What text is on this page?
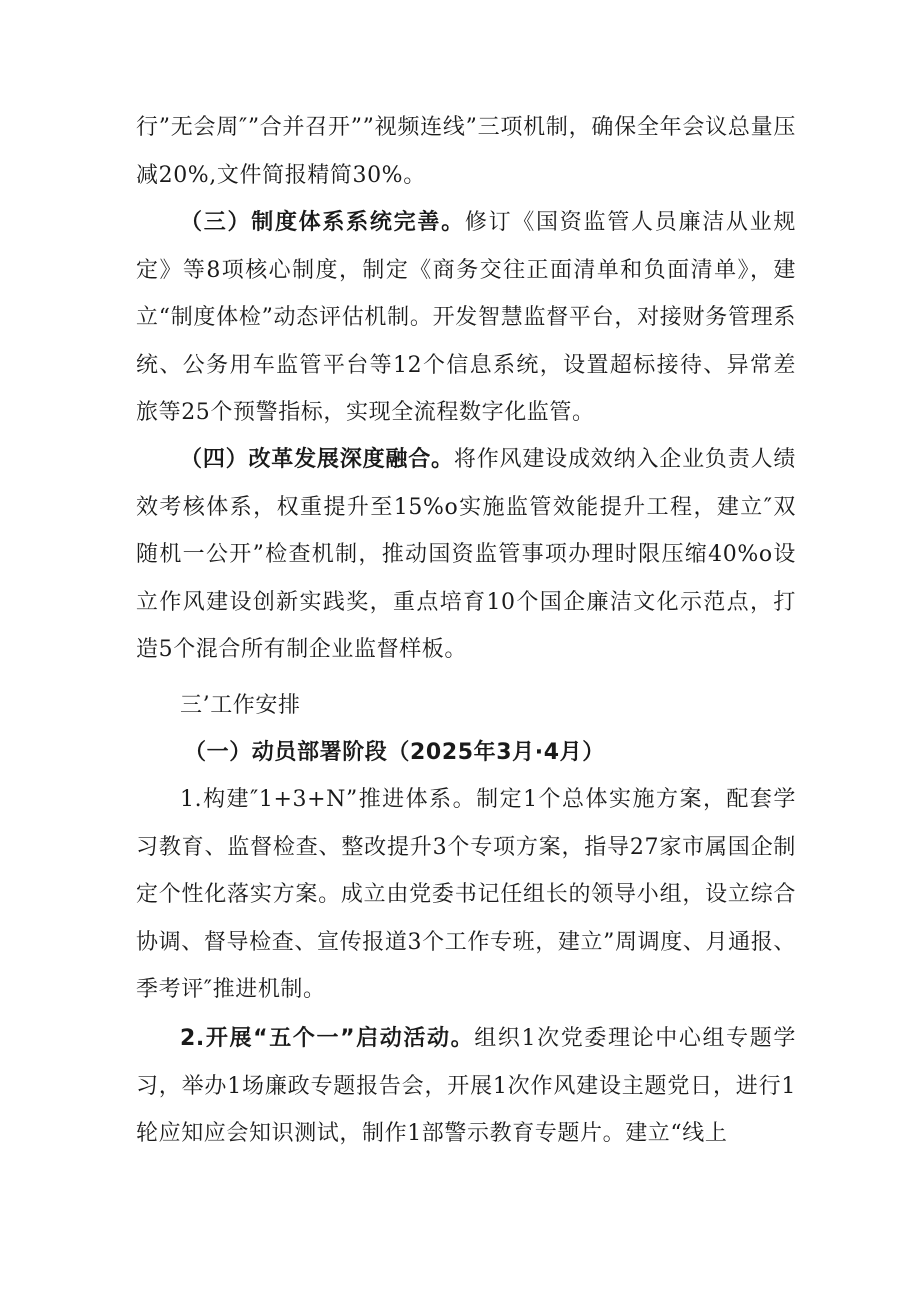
行”无会周″”合并召开””视频连线”三项机制，确保全年会议总量压减20%,文件简报精简30%。

（三）制度体系系统完善。修订《国资监管人员廉洁从业规定》等8项核心制度，制定《商务交往正面清单和负面清单》，建立“制度体检”动态评估机制。开发智慧监督平台，对接财务管理系统、公务用车监管平台等12个信息系统，设置超标接待、异常差旅等25个预警指标，实现全流程数字化监管。

（四）改革发展深度融合。将作风建设成效纳入企业负责人绩效考核体系，权重提升至15%o实施监管效能提升工程，建立″双随机一公开”检查机制，推动国资监管事项办理时限压缩40%o设立作风建设创新实践奖，重点培育10个国企廉洁文化示范点，打造5个混合所有制企业监督样板。

三’工作安排

（一）动员部署阶段（2025年3月·4月）

1.构建″1+3+N”推进体系。制定1个总体实施方案，配套学习教育、监督检查、整改提升3个专项方案，指导27家市属国企制定个性化落实方案。成立由党委书记任组长的领导小组，设立综合协调、督导检查、宣传报道3个工作专班，建立”周调度、月通报、季考评″推进机制。

2.开展“五个一”启动活动。组织1次党委理论中心组专题学习，举办1场廉政专题报告会，开展1次作风建设主题党日，进行1轮应知应会知识测试，制作1部警示教育专题片。建立“线上
